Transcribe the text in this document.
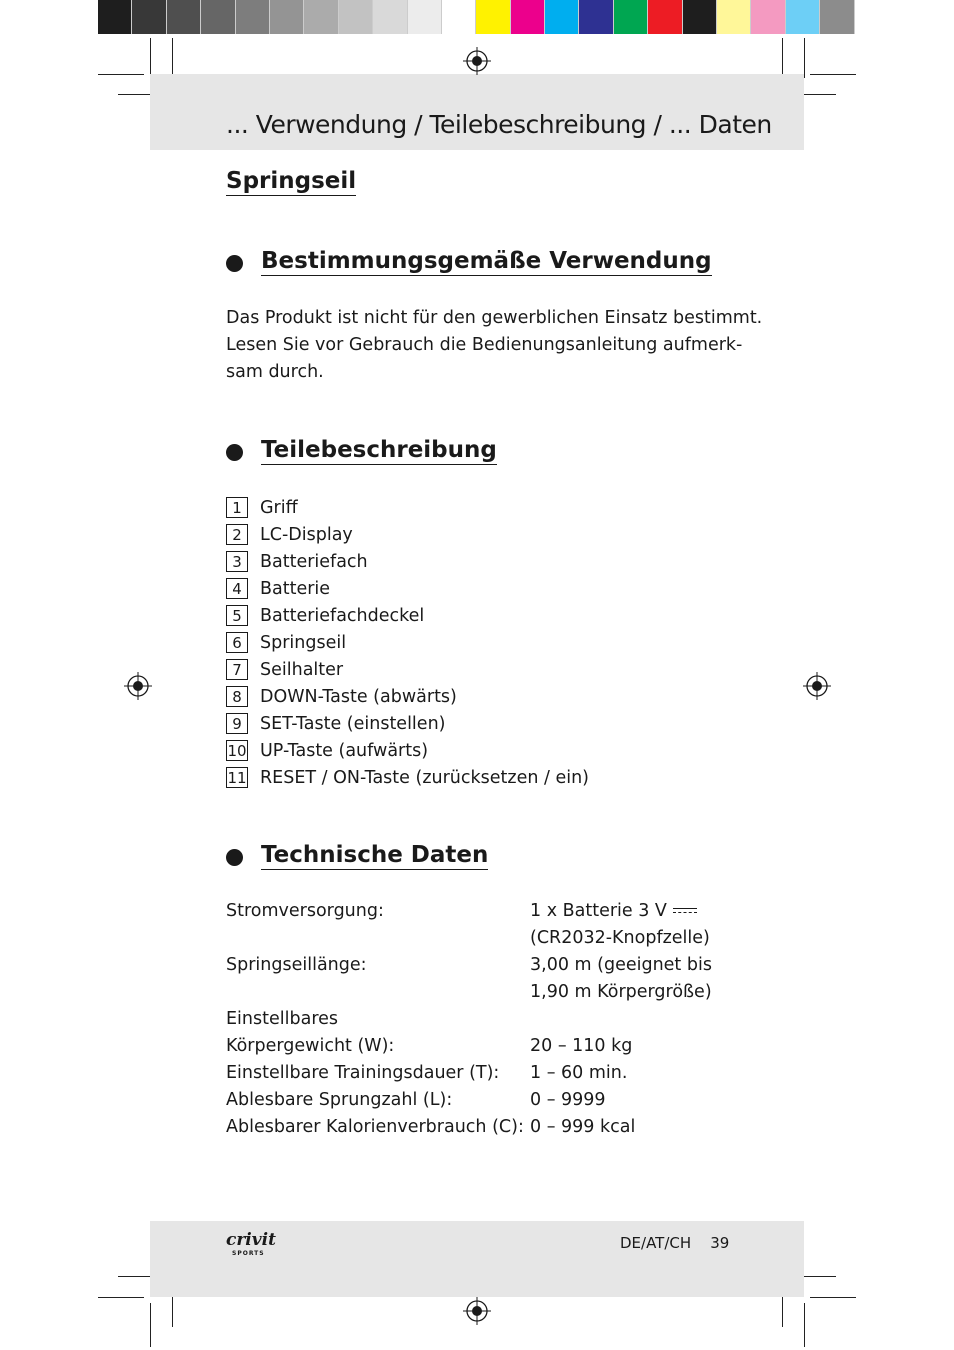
... Verwendung / Teilebeschreibung / ... Daten
Springseil
Bestimmungsgemäße Verwendung
Das Produkt ist nicht für den gewerblichen Einsatz bestimmt.
Lesen Sie vor Gebrauch die Bedienungsanleitung aufmerk-
sam durch.
Teilebeschreibung
1	Griff
2	LC-Display
3	Batteriefach
4	Batterie
5	Batteriefachdeckel
6	Springseil
7	Seilhalter
8	DOWN-Taste (abwärts)
9	SET-Taste (einstellen)
10 UP-Taste (aufwärts)
11 RESET / ON-Taste (zurücksetzen / ein)
Technische Daten
Stromversorgung:	1 x Batterie 3 V
(CR2032-Knopfzelle)
Springseillänge:	3,00 m (geeignet bis
1,90 m Körpergröße)
Einstellbares
Körpergewicht (W):	20 – 110 kg
Einstellbare Trainingsdauer (T):	1 – 60 min.
Ablesbare Sprungzahl (L):	0 – 9999
Ablesbarer Kalorienverbrauch (C): 0 – 999 kcal
crivit
SPORTS
DE/AT/CH 39
